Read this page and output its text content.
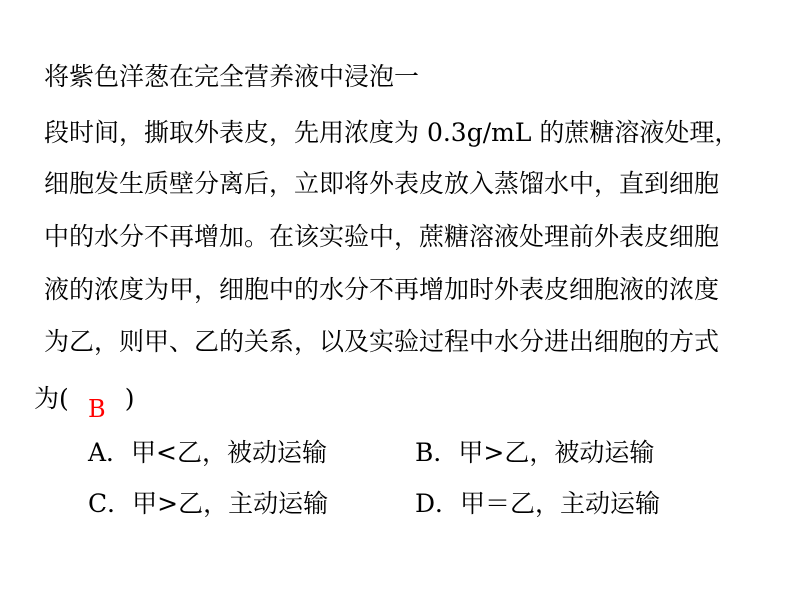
将紫色洋葱在完全营养液中浸泡一
段时间，撕取外表皮，先用浓度为 0.3g/mL 的蔗糖溶液处理，
细胞发生质壁分离后，立即将外表皮放入蒸馏水中，直到细胞
中的水分不再增加。在该实验中，蔗糖溶液处理前外表皮细胞
液的浓度为甲，细胞中的水分不再增加时外表皮细胞液的浓度
为乙，则甲、乙的关系，以及实验过程中水分进出细胞的方式
为( B )
A．甲<乙，被动运输	B．甲>乙，被动运输
C．甲>乙，主动运输	D．甲＝乙，主动运输
